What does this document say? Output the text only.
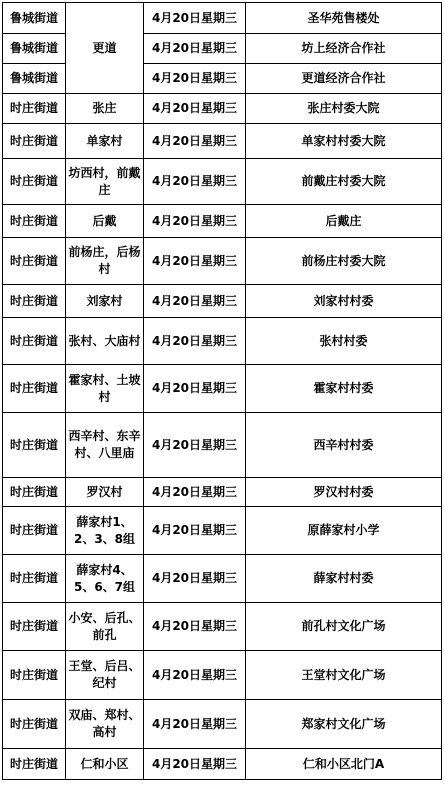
鲁城街道	更道	4月20日星期三	圣华苑售楼处
鲁城街道		4月20日星期三	坊上经济合作社
鲁城街道		4月20日星期三	更道经济合作社
时庄街道	张庄	4月20日星期三	张庄村委大院
时庄街道	单家村	4月20日星期三	单家村村委大院
时庄街道	坊西村，前戴庄	4月20日星期三	前戴庄村委大院
时庄街道	后戴	4月20日星期三	后戴庄
时庄街道	前杨庄，后杨村	4月20日星期三	前杨庄村委大院
时庄街道	刘家村	4月20日星期三	刘家村村委
时庄街道	张村、大庙村	4月20日星期三	张村村委
时庄街道	霍家村、土坡村	4月20日星期三	霍家村村委
时庄街道	西辛村、东辛村、八里庙	4月20日星期三	西辛村村委
时庄街道	罗汉村	4月20日星期三	罗汉村村委
时庄街道	薛家村1、2、3、8组	4月20日星期三	原薛家村小学
时庄街道	薛家村4、5、6、7组	4月20日星期三	薛家村村委
时庄街道	小安、后孔、前孔	4月20日星期三	前孔村文化广场
时庄街道	王堂、后吕、纪村	4月20日星期三	王堂村文化广场
时庄街道	双庙、郑村、高村	4月20日星期三	郑家村文化广场
时庄街道	仁和小区	4月20日星期三	仁和小区北门A
